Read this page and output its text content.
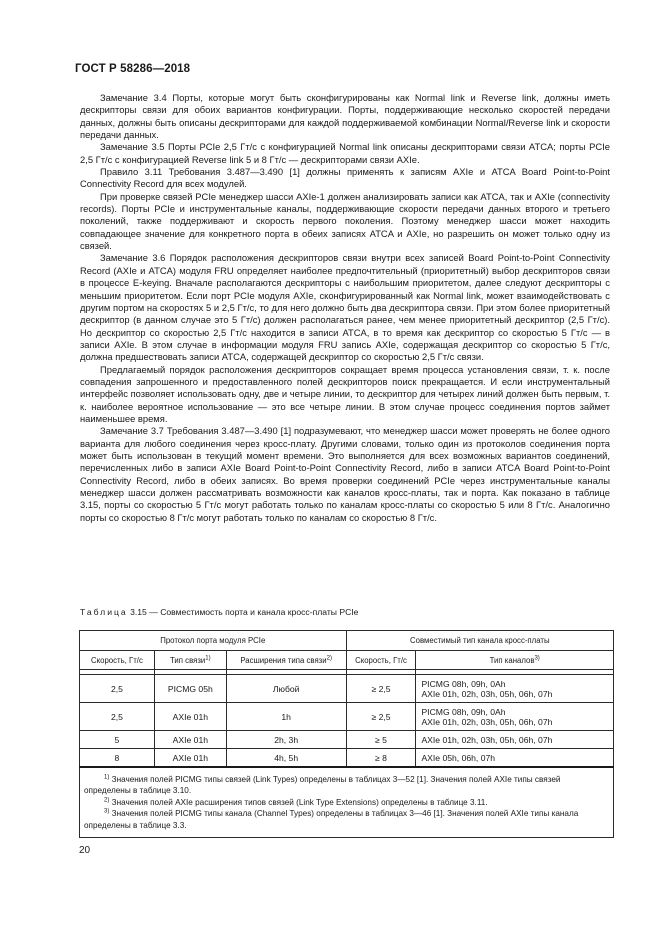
ГОСТ Р 58286—2018

Замечание 3.4 Порты, которые могут быть сконфигурированы как Normal link и Reverse link, должны иметь дескрипторы связи для обоих вариантов конфигурации. Порты, поддерживающие несколько скоростей передачи данных, должны быть описаны дескрипторами для каждой поддерживаемой комбинации Normal/Reverse link и скорости передачи данных.

Замечание 3.5 Порты PCIe 2,5 Гт/с с конфигурацией Normal link описаны дескрипторами связи ATCA; порты PCIe 2,5 Гт/с с конфигурацией Reverse link 5 и 8 Гт/с — дескрипторами связи AXIe.

Правило 3.11 Требования 3.487—3.490 [1] должны применять к записям AXIe и ATCA Board Point-to-Point Connectivity Record для всех модулей.

При проверке связей PCIe менеджер шасси AXIe-1 должен анализировать записи как ATCA, так и AXIe (connectivity records). Порты PCIe и инструментальные каналы, поддерживающие скорости передачи данных второго и третьего поколений, также поддерживают и скорость первого поколения. Поэтому менеджер шасси может находить совпадающее значение для конкретного порта в обеих записях ATCA и AXIe, но разрешить он может только одну из связей.

Замечание 3.6 Порядок расположения дескрипторов связи внутри всех записей Board Point-to-Point Connectivity Record (AXIe и ATCA) модуля FRU определяет наиболее предпочтительный (приоритетный) выбор дескрипторов связи в процессе E-keying. Вначале располагаются дескрипторы с наибольшим приоритетом, далее следуют дескрипторы с меньшим приоритетом. Если порт PCIe модуля AXIe, сконфигурированный как Normal link, может взаимодействовать с другим портом на скоростях 5 и 2,5 Гт/с, то для него должно быть два дескриптора связи. При этом более приоритетный дескриптор (в данном случае это 5 Гт/с) должен располагаться ранее, чем менее приоритетный дескриптор (2,5 Гт/с). Но дескриптор со скоростью 2,5 Гт/с находится в записи ATCA, в то время как дескриптор со скоростью 5 Гт/с — в записи AXIe. В этом случае в информации модуля FRU запись AXIe, содержащая дескриптор со скоростью 5 Гт/с, должна предшествовать записи ATCA, содержащей дескриптор со скоростью 2,5 Гт/с связи.

Предлагаемый порядок расположения дескрипторов сокращает время процесса установления связи, т. к. после совпадения запрошенного и предоставленного полей дескрипторов поиск прекращается. И если инструментальный интерфейс позволяет использовать одну, две и четыре линии, то дескриптор для четырех линий должен быть первым, т. к. наиболее вероятное использование — это все четыре линии. В этом случае процесс соединения портов займет наименьшее время.

Замечание 3.7 Требования 3.487—3.490 [1] подразумевают, что менеджер шасси может проверять не более одного варианта для любого соединения через кросс-плату. Другими словами, только один из протоколов соединения порта может быть использован в текущий момент времени. Это выполняется для всех возможных вариантов соединений, перечисленных либо в записи AXIe Board Point-to-Point Connectivity Record, либо в записи ATCA Board Point-to-Point Connectivity Record, либо в обеих записях. Во время проверки соединений PCIe через инструментальные каналы менеджер шасси должен рассматривать возможности как каналов кросс-платы, так и порта. Как показано в таблице 3.15, порты со скоростью 5 Гт/с могут работать только по каналам кросс-платы со скоростью 5 или 8 Гт/с. Аналогично порты со скоростью 8 Гт/с могут работать только по каналам со скоростью 8 Гт/с.

Таблица 3.15 — Совместимость порта и канала кросс-платы PCIe
Протокол порта модуля PCIe			Совместимый тип канала кросс-платы	
Скорость, Гт/с	Тип связи$^{1)}$	Расширения типа связи$^{2)}$	Скорость, Гт/с	Тип каналов$^{3)}$

2,5	PICMG 05h	Любой	≥ 2,5	PICMG 08h, 09h, 0Ah
AXIe 01h, 02h, 03h, 05h, 06h, 07h

2,5	AXIe 01h	1h	≥ 2,5	PICMG 08h, 09h, 0Ah
AXIe 01h, 02h, 03h, 05h, 06h, 07h

5	AXIe 01h	2h, 3h	≥ 5	AXIe 01h, 02h, 03h, 05h, 06h, 07h
8	AXIe 01h	4h, 5h	≥ 8	AXIe 05h, 06h, 07h

$^{1)}$ Значения полей PICMG типы связей (Link Types) определены в таблицах 3—52 [1]. Значения полей AXIe типы связей определены в таблице 3.10.
$^{2)}$ Значения полей AXIe расширения типов связей (Link Type Extensions) определены в таблице 3.11.
$^{3)}$ Значения полей PICMG типы канала (Channel Types) определены в таблицах 3—46 [1]. Значения полей AXIe типы канала определены в таблице 3.3.				
20
